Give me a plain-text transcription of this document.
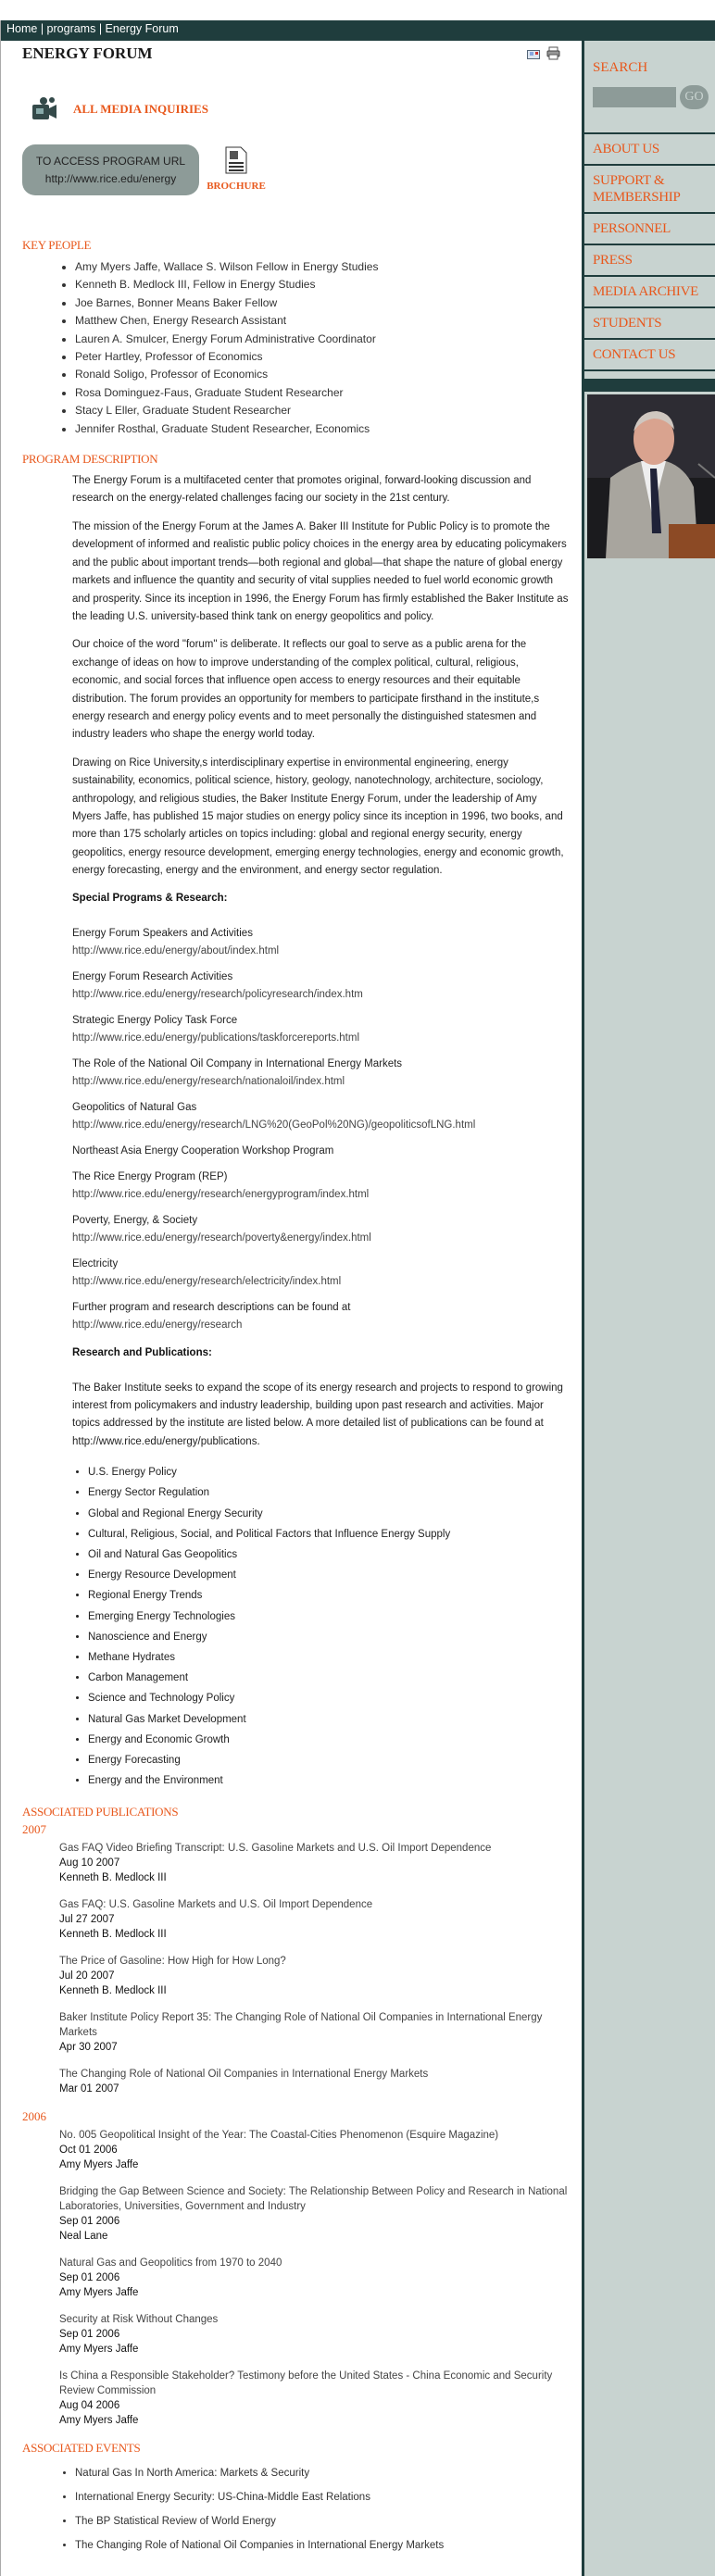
Home | programs | Energy Forum
ENERGY FORUM

ALL MEDIA INQUIRIES
TO ACCESS PROGRAM URL
http://www.rice.edu/energy
BROCHURE
KEY PEOPLE
• Amy Myers Jaffe, Wallace S. Wilson Fellow in Energy Studies
• Kenneth B. Medlock III, Fellow in Energy Studies
• Joe Barnes, Bonner Means Baker Fellow
• Matthew Chen, Energy Research Assistant
• Lauren A. Smulcer, Energy Forum Administrative Coordinator
• Peter Hartley, Professor of Economics
• Ronald Soligo, Professor of Economics
• Rosa Dominguez-Faus, Graduate Student Researcher
• Stacy L Eller, Graduate Student Researcher
• Jennifer Rosthal, Graduate Student Researcher, Economics
PROGRAM DESCRIPTION

The Energy Forum is a multifaceted center that promotes original, forward-looking discussion and research on the energy-related challenges facing our society in the 21st century.

The mission of the Energy Forum at the James A. Baker III Institute for Public Policy is to promote the development of informed and realistic public policy choices in the energy area by educating policymakers and the public about important trends—both regional and global—that shape the nature of global energy markets and influence the quantity and security of vital supplies needed to fuel world economic growth and prosperity. Since its inception in 1996, the Energy Forum has firmly established the Baker Institute as the leading U.S. university-based think tank on energy geopolitics and policy.

Our choice of the word "forum" is deliberate. It reflects our goal to serve as a public arena for the exchange of ideas on how to improve understanding of the complex political, cultural, religious, economic, and social forces that influence open access to energy resources and their equitable distribution. The forum provides an opportunity for members to participate firsthand in the institute,s energy research and energy policy events and to meet personally the distinguished statesmen and industry leaders who shape the energy world today.

Drawing on Rice University,s interdisciplinary expertise in environmental engineering, energy sustainability, economics, political science, history, geology, nanotechnology, architecture, sociology, anthropology, and religious studies, the Baker Institute Energy Forum, under the leadership of Amy Myers Jaffe, has published 15 major studies on energy policy since its inception in 1996, two books, and more than 175 scholarly articles on topics including: global and regional energy security, energy geopolitics, energy resource development, emerging energy technologies, energy and economic growth, energy forecasting, energy and the environment, and energy sector regulation.

Special Programs & Research:
Energy Forum Speakers and Activities
http://www.rice.edu/energy/about/index.html
Energy Forum Research Activities
http://www.rice.edu/energy/research/policyresearch/index.htm
Strategic Energy Policy Task Force
http://www.rice.edu/energy/publications/taskforcereports.html
The Role of the National Oil Company in International Energy Markets
http://www.rice.edu/energy/research/nationaloil/index.html
Geopolitics of Natural Gas
http://www.rice.edu/energy/research/LNG%20(GeoPol%20NG)/geopoliticsofLNG.html
Northeast Asia Energy Cooperation Workshop Program
The Rice Energy Program (REP)
http://www.rice.edu/energy/research/energyprogram/index.html
Poverty, Energy, & Society
http://www.rice.edu/energy/research/poverty&energy/index.html
Electricity
http://www.rice.edu/energy/research/electricity/index.html
Further program and research descriptions can be found at
http://www.rice.edu/energy/research
Research and Publications:

The Baker Institute seeks to expand the scope of its energy research and projects to respond to growing interest from policymakers and industry leadership, building upon past research and activities. Major topics addressed by the institute are listed below. A more detailed list of publications can be found at http://www.rice.edu/energy/publications.

• U.S. Energy Policy
• Energy Sector Regulation
• Global and Regional Energy Security
• Cultural, Religious, Social, and Political Factors that Influence Energy Supply
• Oil and Natural Gas Geopolitics
• Energy Resource Development
• Regional Energy Trends
• Emerging Energy Technologies
• Nanoscience and Energy
• Methane Hydrates
• Carbon Management
• Science and Technology Policy
• Natural Gas Market Development
• Energy and Economic Growth
• Energy Forecasting
• Energy and the Environment
ASSOCIATED PUBLICATIONS
2007
Gas FAQ Video Briefing Transcript: U.S. Gasoline Markets and U.S. Oil Import Dependence
Aug 10 2007
Kenneth B. Medlock III
Gas FAQ: U.S. Gasoline Markets and U.S. Oil Import Dependence
Jul 27 2007
Kenneth B. Medlock III
The Price of Gasoline: How High for How Long?
Jul 20 2007
Kenneth B. Medlock III
Baker Institute Policy Report 35: The Changing Role of National Oil Companies in International Energy Markets
Apr 30 2007
The Changing Role of National Oil Companies in International Energy Markets
Mar 01 2007
2006
No. 005 Geopolitical Insight of the Year: The Coastal-Cities Phenomenon (Esquire Magazine)
Oct 01 2006
Amy Myers Jaffe
Bridging the Gap Between Science and Society: The Relationship Between Policy and Research in National Laboratories, Universities, Government and Industry
Sep 01 2006
Neal Lane
Natural Gas and Geopolitics from 1970 to 2040
Sep 01 2006
Amy Myers Jaffe
Security at Risk Without Changes
Sep 01 2006
Amy Myers Jaffe
Is China a Responsible Stakeholder? Testimony before the United States - China Economic and Security Review Commission
Aug 04 2006
Amy Myers Jaffe
ASSOCIATED EVENTS
• Natural Gas In North America: Markets & Security
• International Energy Security: US-China-Middle East Relations
• The BP Statistical Review of World Energy
• The Changing Role of National Oil Companies in International Energy Markets
SEARCH
GO
ABOUT US
SUPPORT & MEMBERSHIP
PERSONNEL
PRESS
MEDIA ARCHIVE
STUDENTS
CONTACT US
